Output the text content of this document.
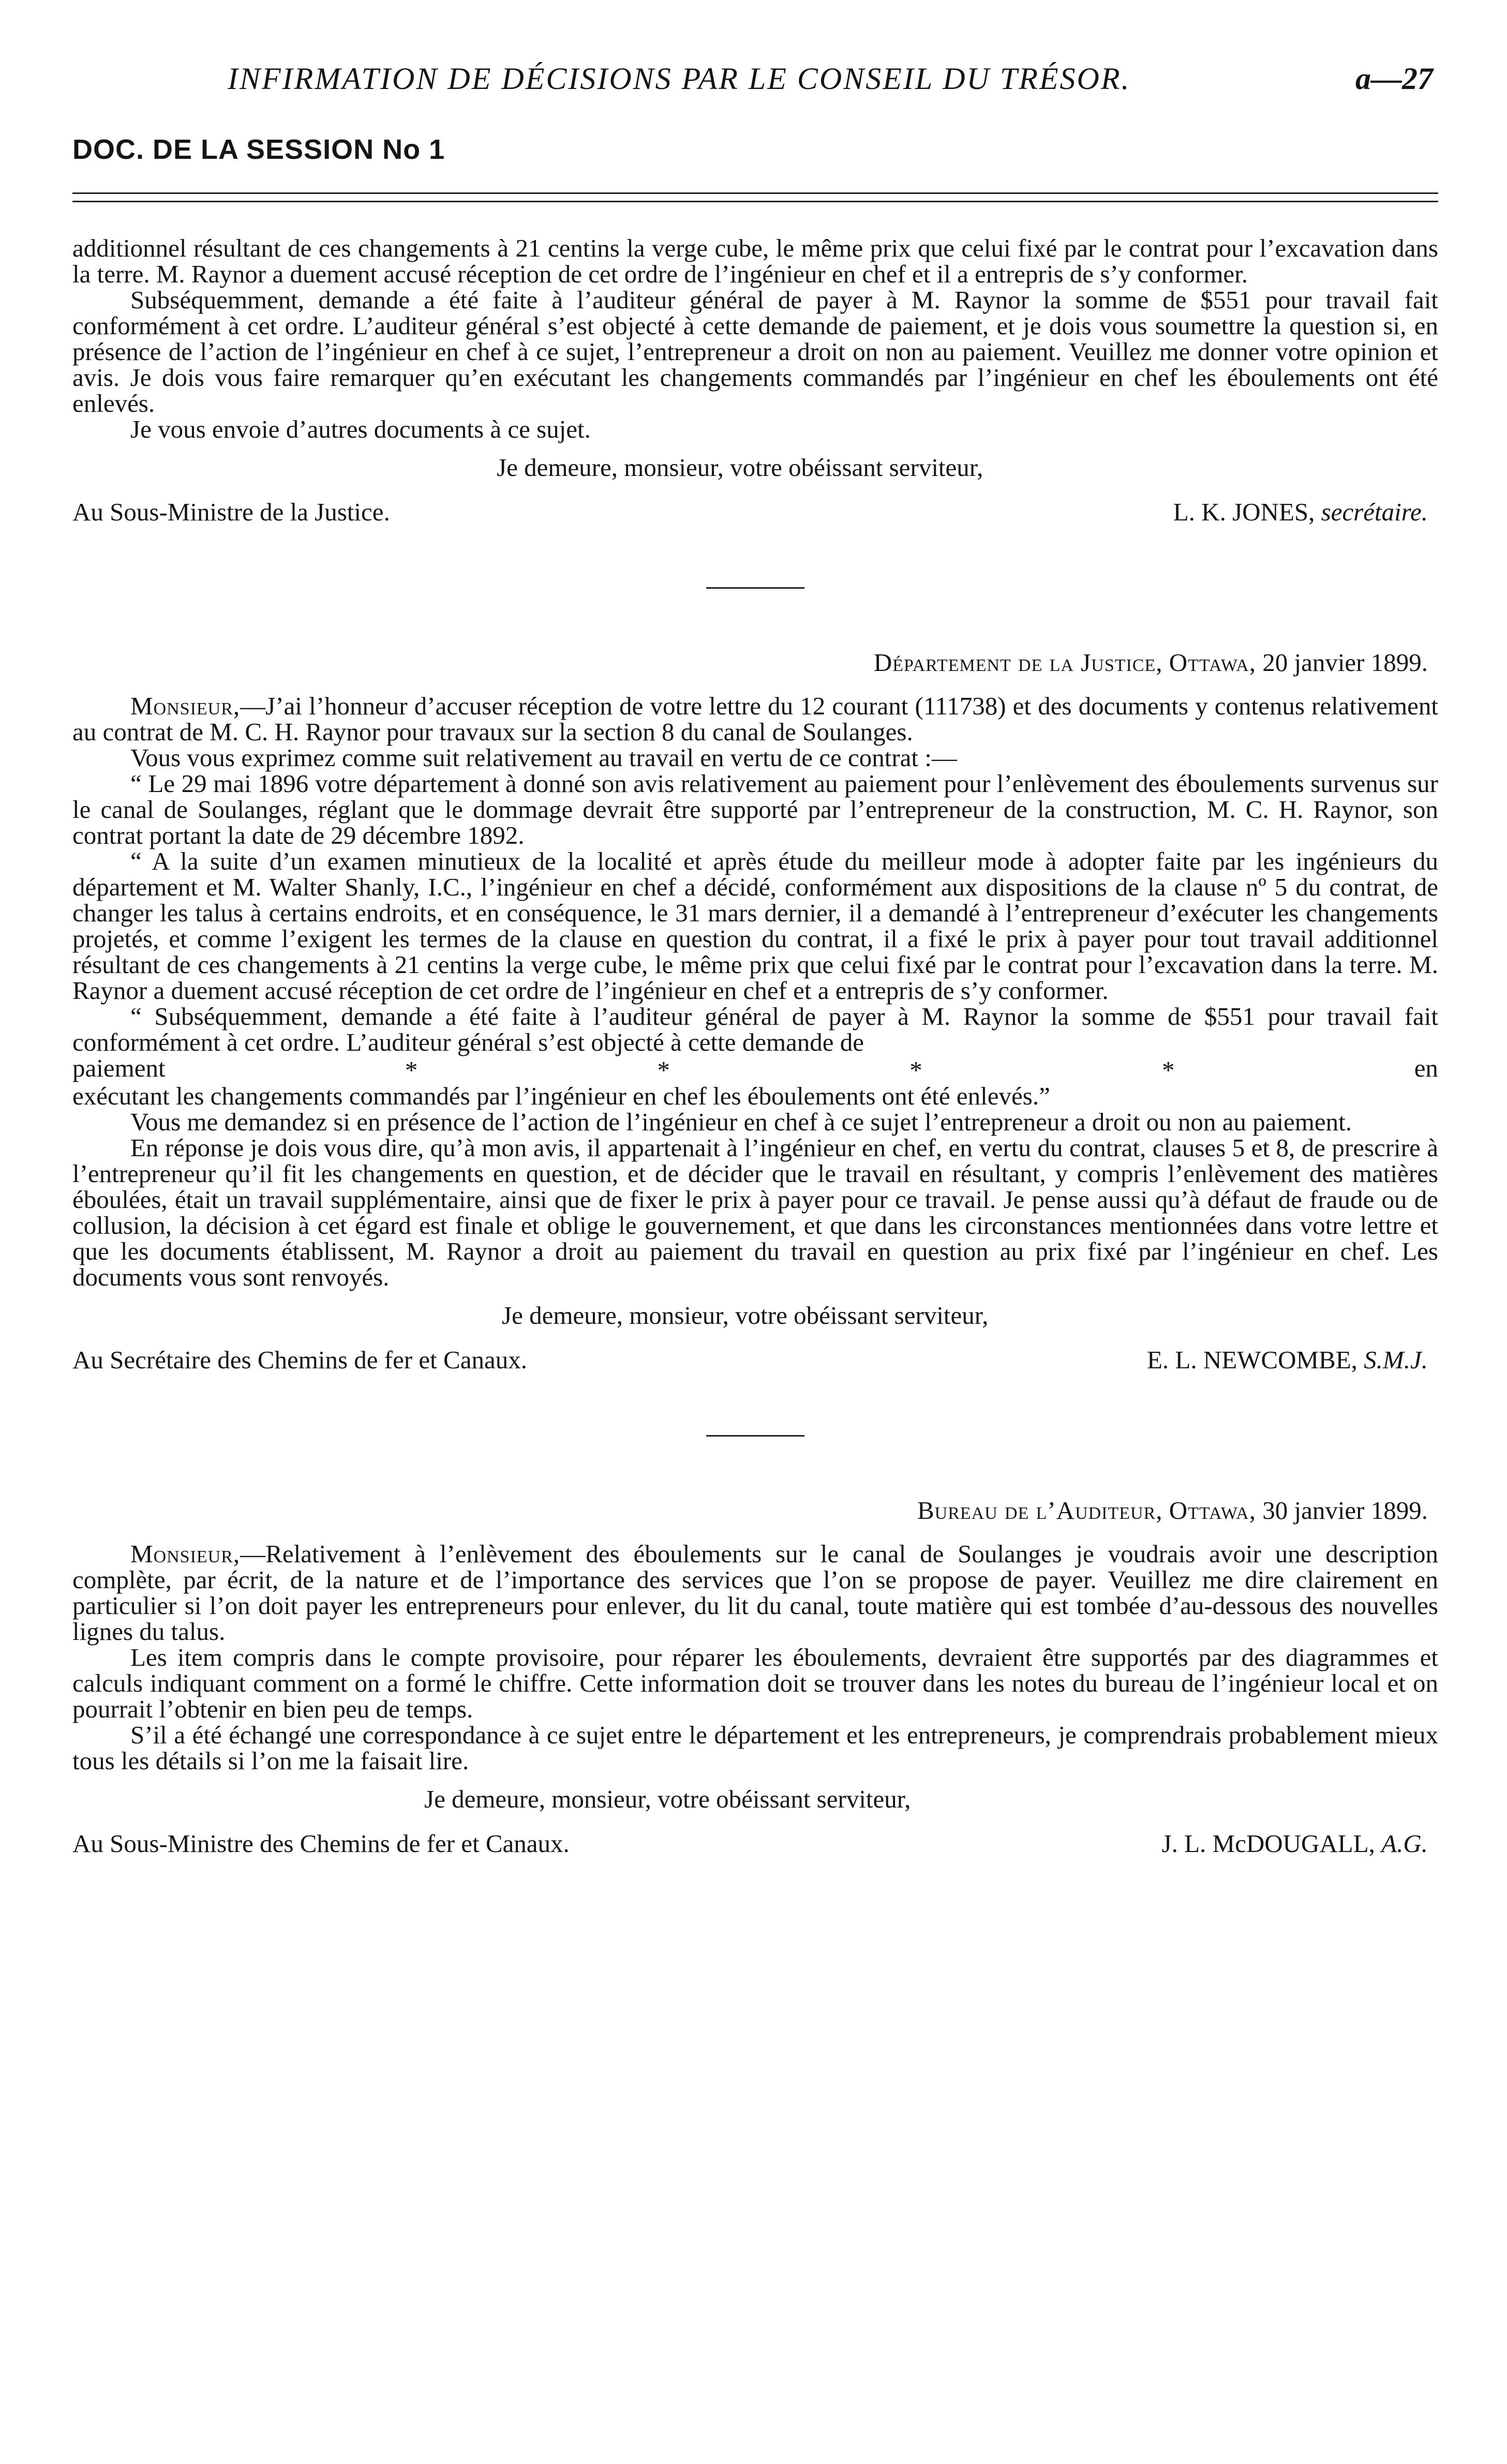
INFIRMATION DE DÉCISIONS PAR LE CONSEIL DU TRÉSOR.	a—27
DOC. DE LA SESSION No 1

additionnel résultant de ces changements à 21 centins la verge cube, le même prix que celui fixé par le contrat pour l’excavation dans la terre. M. Raynor a duement accusé réception de cet ordre de l’ingénieur en chef et il a entrepris de s’y conformer.

Subséquemment, demande a été faite à l’auditeur général de payer à M. Raynor la somme de $551 pour travail fait conformément à cet ordre. L’auditeur général s’est objecté à cette demande de paiement, et je dois vous soumettre la question si, en présence de l’action de l’ingénieur en chef à ce sujet, l’entrepreneur a droit on non au paiement. Veuillez me donner votre opinion et avis. Je dois vous faire remarquer qu’en exécutant les changements commandés par l’ingénieur en chef les éboulements ont été enlevés.

Je vous envoie d’autres documents à ce sujet.

Je demeure, monsieur, votre obéissant serviteur,
Au Sous-Ministre de la Justice.	L. K. JONES, secrétaire.
Département de la Justice, Ottawa, 20 janvier 1899.

Monsieur,—J’ai l’honneur d’accuser réception de votre lettre du 12 courant (111738) et des documents y contenus relativement au contrat de M. C. H. Raynor pour travaux sur la section 8 du canal de Soulanges.

Vous vous exprimez comme suit relativement au travail en vertu de ce contrat :—

“ Le 29 mai 1896 votre département à donné son avis relativement au paiement pour l’enlèvement des éboulements survenus sur le canal de Soulanges, réglant que le dommage devrait être supporté par l’entrepreneur de la construction, M. C. H. Raynor, son contrat portant la date de 29 décembre 1892.

“ A la suite d’un examen minutieux de la localité et après étude du meilleur mode à adopter faite par les ingénieurs du département et M. Walter Shanly, I.C., l’ingénieur en chef a décidé, conformément aux dispositions de la clause nº 5 du contrat, de changer les talus à certains endroits, et en conséquence, le 31 mars dernier, il a demandé à l’entrepreneur d’exécuter les changements projetés, et comme l’exigent les termes de la clause en question du contrat, il a fixé le prix à payer pour tout travail additionnel résultant de ces changements à 21 centins la verge cube, le même prix que celui fixé par le contrat pour l’excavation dans la terre. M. Raynor a duement accusé réception de cet ordre de l’ingénieur en chef et a entrepris de s’y conformer.

“ Subséquemment, demande a été faite à l’auditeur général de payer à M. Raynor la somme de $551 pour travail fait conformément à cet ordre. L’auditeur général s’est objecté à cette demande de

paiement	*	*	*	*	en

exécutant les changements commandés par l’ingénieur en chef les éboulements ont été enlevés.”

Vous me demandez si en présence de l’action de l’ingénieur en chef à ce sujet l’entrepreneur a droit ou non au paiement.

En réponse je dois vous dire, qu’à mon avis, il appartenait à l’ingénieur en chef, en vertu du contrat, clauses 5 et 8, de prescrire à l’entrepreneur qu’il fit les changements en question, et de décider que le travail en résultant, y compris l’enlèvement des matières éboulées, était un travail supplémentaire, ainsi que de fixer le prix à payer pour ce travail. Je pense aussi qu’à défaut de fraude ou de collusion, la décision à cet égard est finale et oblige le gouvernement, et que dans les circonstances mentionnées dans votre lettre et que les documents établissent, M. Raynor a droit au paiement du travail en question au prix fixé par l’ingénieur en chef. Les documents vous sont renvoyés.

Je demeure, monsieur, votre obéissant serviteur,
Au Secrétaire des Chemins de fer et Canaux.	E. L. NEWCOMBE, S.M.J.
Bureau de l’Auditeur, Ottawa, 30 janvier 1899.

Monsieur,—Relativement à l’enlèvement des éboulements sur le canal de Soulanges je voudrais avoir une description complète, par écrit, de la nature et de l’importance des services que l’on se propose de payer. Veuillez me dire clairement en particulier si l’on doit payer les entrepreneurs pour enlever, du lit du canal, toute matière qui est tombée d’au-dessous des nouvelles lignes du talus.

Les item compris dans le compte provisoire, pour réparer les éboulements, devraient être supportés par des diagrammes et calculs indiquant comment on a formé le chiffre. Cette information doit se trouver dans les notes du bureau de l’ingénieur local et on pourrait l’obtenir en bien peu de temps.

S’il a été échangé une correspondance à ce sujet entre le département et les entrepreneurs, je comprendrais probablement mieux tous les détails si l’on me la faisait lire.

Je demeure, monsieur, votre obéissant serviteur,
Au Sous-Ministre des Chemins de fer et Canaux.	J. L. McDOUGALL, A.G.
